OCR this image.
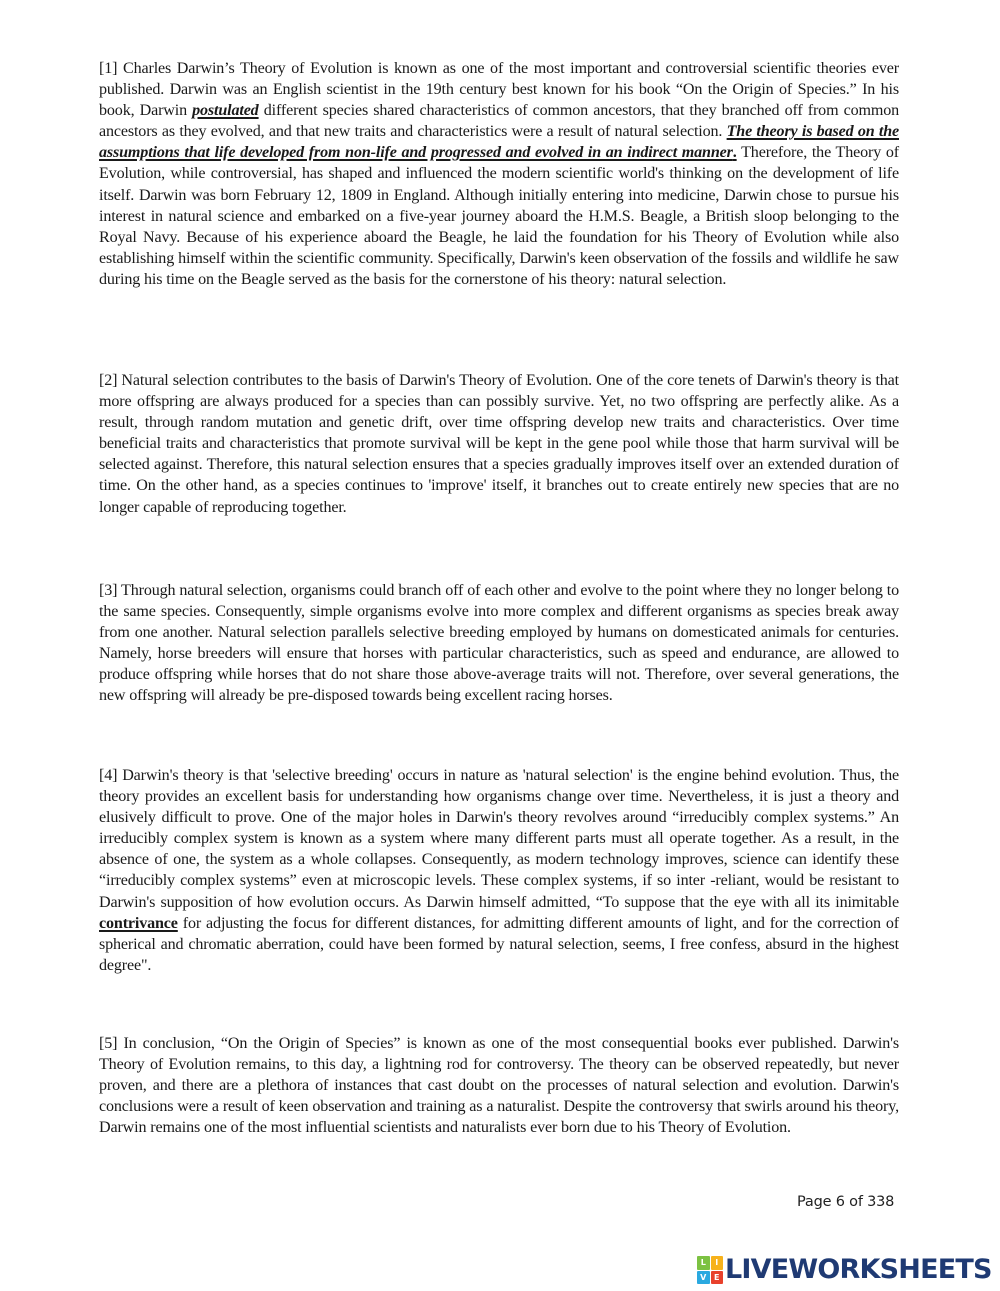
[1] Charles Darwin’s Theory of Evolution is known as one of the most important and controversial scientific theories ever published. Darwin was an English scientist in the 19th century best known for his book “On the Origin of Species.” In his book, Darwin postulated different species shared characteristics of common ancestors, that they branched off from common ancestors as they evolved, and that new traits and characteristics were a result of natural selection. The theory is based on the assumptions that life developed from non-life and progressed and evolved in an indirect manner. Therefore, the Theory of Evolution, while controversial, has shaped and influenced the modern scientific world's thinking on the development of life itself. Darwin was born February 12, 1809 in England. Although initially entering into medicine, Darwin chose to pursue his interest in natural science and embarked on a five-year journey aboard the H.M.S. Beagle, a British sloop belonging to the Royal Navy. Because of his experience aboard the Beagle, he laid the foundation for his Theory of Evolution while also establishing himself within the scientific community. Specifically, Darwin's keen observation of the fossils and wildlife he saw during his time on the Beagle served as the basis for the cornerstone of his theory: natural selection.

[2] Natural selection contributes to the basis of Darwin's Theory of Evolution. One of the core tenets of Darwin's theory is that more offspring are always produced for a species than can possibly survive. Yet, no two offspring are perfectly alike. As a result, through random mutation and genetic drift, over time offspring develop new traits and characteristics. Over time beneficial traits and characteristics that promote survival will be kept in the gene pool while those that harm survival will be selected against. Therefore, this natural selection ensures that a species gradually improves itself over an extended duration of time. On the other hand, as a species continues to 'improve' itself, it branches out to create entirely new species that are no longer capable of reproducing together.

[3] Through natural selection, organisms could branch off of each other and evolve to the point where they no longer belong to the same species. Consequently, simple organisms evolve into more complex and different organisms as species break away from one another. Natural selection parallels selective breeding employed by humans on domesticated animals for centuries. Namely, horse breeders will ensure that horses with particular characteristics, such as speed and endurance, are allowed to produce offspring while horses that do not share those above-average traits will not. Therefore, over several generations, the new offspring will already be pre-disposed towards being excellent racing horses.

[4] Darwin's theory is that 'selective breeding' occurs in nature as 'natural selection' is the engine behind evolution. Thus, the theory provides an excellent basis for understanding how organisms change over time. Nevertheless, it is just a theory and elusively difficult to prove. One of the major holes in Darwin's theory revolves around “irreducibly complex systems.” An irreducibly complex system is known as a system where many different parts must all operate together. As a result, in the absence of one, the system as a whole collapses. Consequently, as modern technology improves, science can identify these “irreducibly complex systems” even at microscopic levels. These complex systems, if so inter -reliant, would be resistant to Darwin's supposition of how evolution occurs. As Darwin himself admitted, “To suppose that the eye with all its inimitable contrivance for adjusting the focus for different distances, for admitting different amounts of light, and for the correction of spherical and chromatic aberration, could have been formed by natural selection, seems, I free confess, absurd in the highest degree".

[5] In conclusion, “On the Origin of Species” is known as one of the most consequential books ever published. Darwin's Theory of Evolution remains, to this day, a lightning rod for controversy. The theory can be observed repeatedly, but never proven, and there are a plethora of instances that cast doubt on the processes of natural selection and evolution. Darwin's conclusions were a result of keen observation and training as a naturalist. Despite the controversy that swirls around his theory, Darwin remains one of the most influential scientists and naturalists ever born due to his Theory of Evolution.

Page 6 of 338
L	I
V E LIVEWORKSHEETS
